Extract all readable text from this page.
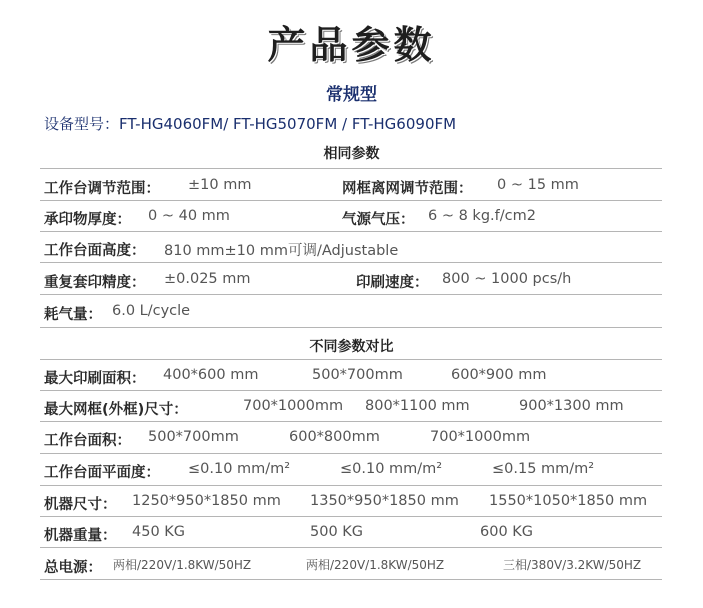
产品参数
常规型
设备型号：FT-HG4060FM/ FT-HG5070FM / FT-HG6090FM
相同参数
工作台调节范围： ±10 mm	网框离网调节范围： 0 ~ 15 mm
承印物厚度： 0 ~ 40 mm	气源气压： 6 ~ 8 kg.f/cm2
工作台面高度： 810 mm±10 mm可调/Adjustable
重复套印精度： ±0.025 mm	印刷速度： 800 ~ 1000 pcs/h
耗气量： 6.0 L/cycle
不同参数对比
最大印刷面积： 400*600 mm	500*700mm	600*900 mm
最大网框(外框)尺寸：	700*1000mm 800*1100 mm	900*1300 mm
工作台面积： 500*700mm	600*800mm	700*1000mm
工作台面平面度： ≤0.10 mm/m²	≤0.10 mm/m²	≤0.15 mm/m²
机器尺寸： 1250*950*1850 mm 1350*950*1850 mm 1550*1050*1850 mm
机器重量： 450 KG	500 KG	600 KG
总电源： 两相/220V/1.8KW/50HZ	两相/220V/1.8KW/50HZ	三相/380V/3.2KW/50HZ
